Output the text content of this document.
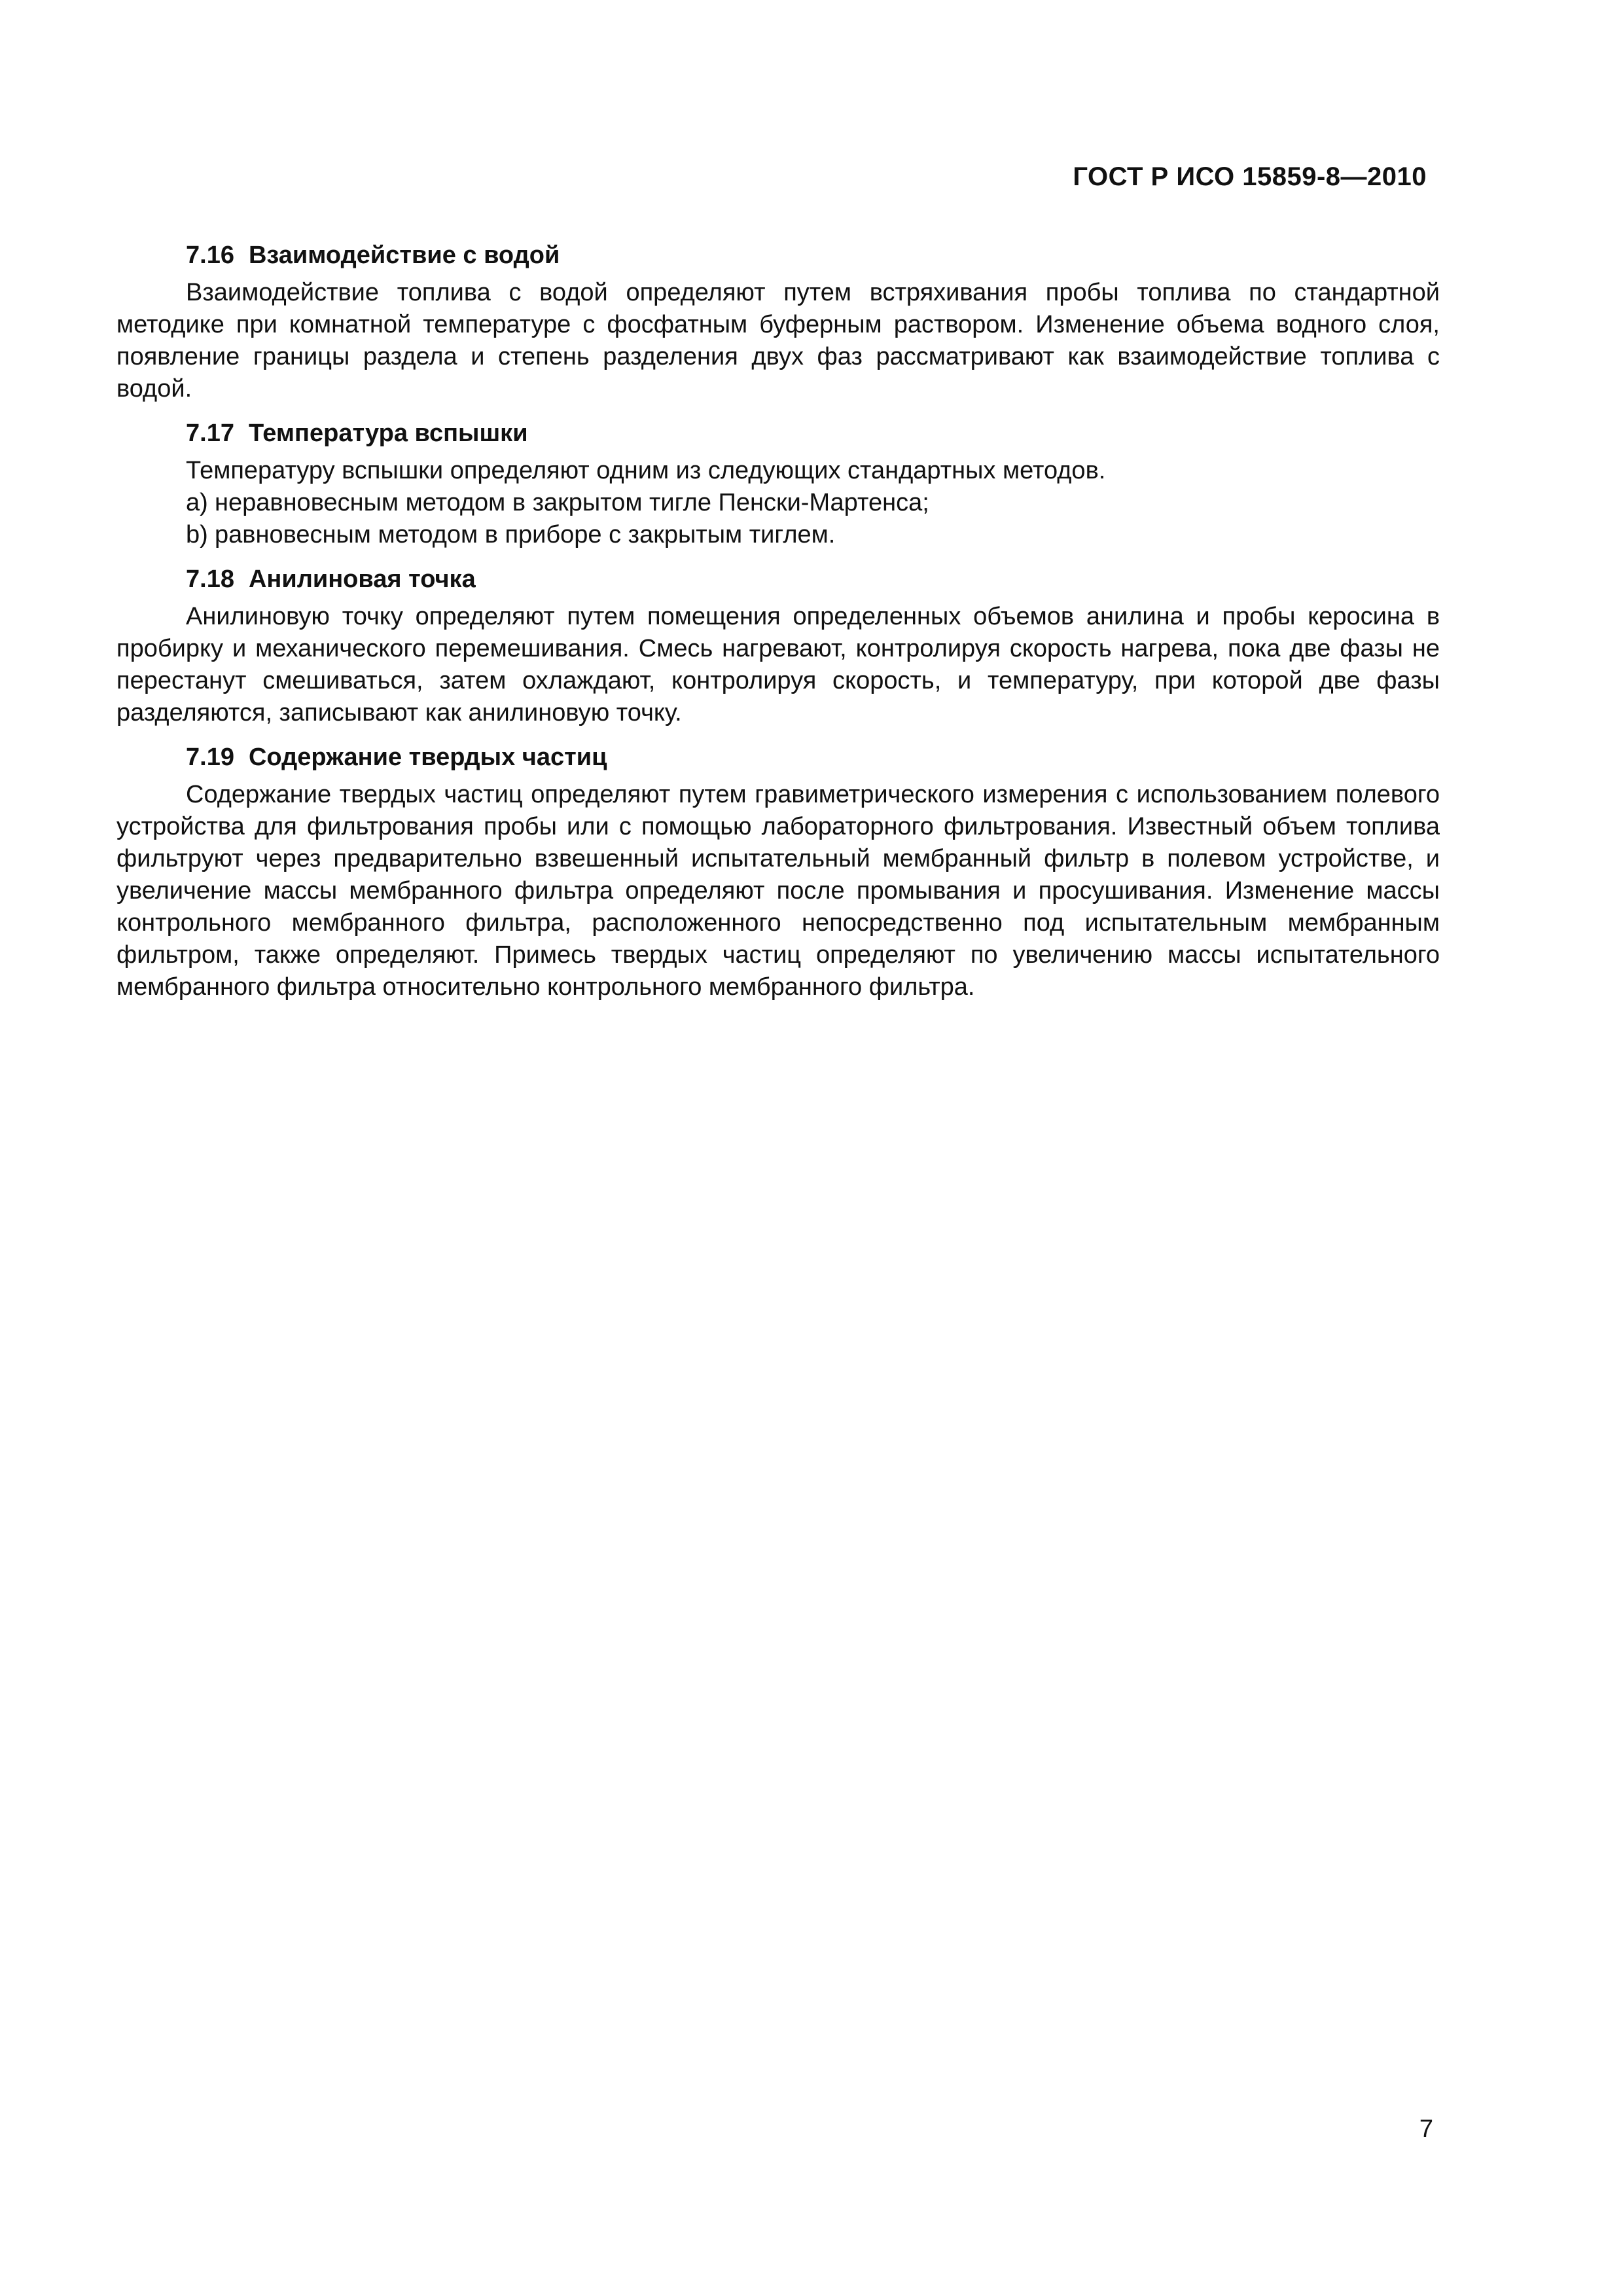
ГОСТ Р ИСО 15859-8—2010
7.16 Взаимодействие с водой

Взаимодействие топлива с водой определяют путем встряхивания пробы топлива по стандартной методике при комнатной температуре с фосфатным буферным раствором. Изменение объема водного слоя, появление границы раздела и степень разделения двух фаз рассматривают как взаимодействие топлива с водой.

7.17 Температура вспышки

Температуру вспышки определяют одним из следующих стандартных методов.

a) неравновесным методом в закрытом тигле Пенски-Мартенса;

b) равновесным методом в приборе с закрытым тиглем.

7.18 Анилиновая точка

Анилиновую точку определяют путем помещения определенных объемов анилина и пробы керосина в пробирку и механического перемешивания. Смесь нагревают, контролируя скорость нагрева, пока две фазы не перестанут смешиваться, затем охлаждают, контролируя скорость, и температуру, при которой две фазы разделяются, записывают как анилиновую точку.

7.19 Содержание твердых частиц

Содержание твердых частиц определяют путем гравиметрического измерения с использованием полевого устройства для фильтрования пробы или с помощью лабораторного фильтрования. Известный объем топлива фильтруют через предварительно взвешенный испытательный мембранный фильтр в полевом устройстве, и увеличение массы мембранного фильтра определяют после промывания и просушивания. Изменение массы контрольного мембранного фильтра, расположенного непосредственно под испытательным мембранным фильтром, также определяют. Примесь твердых частиц определяют по увеличению массы испытательного мембранного фильтра относительно контрольного мембранного фильтра.

7
